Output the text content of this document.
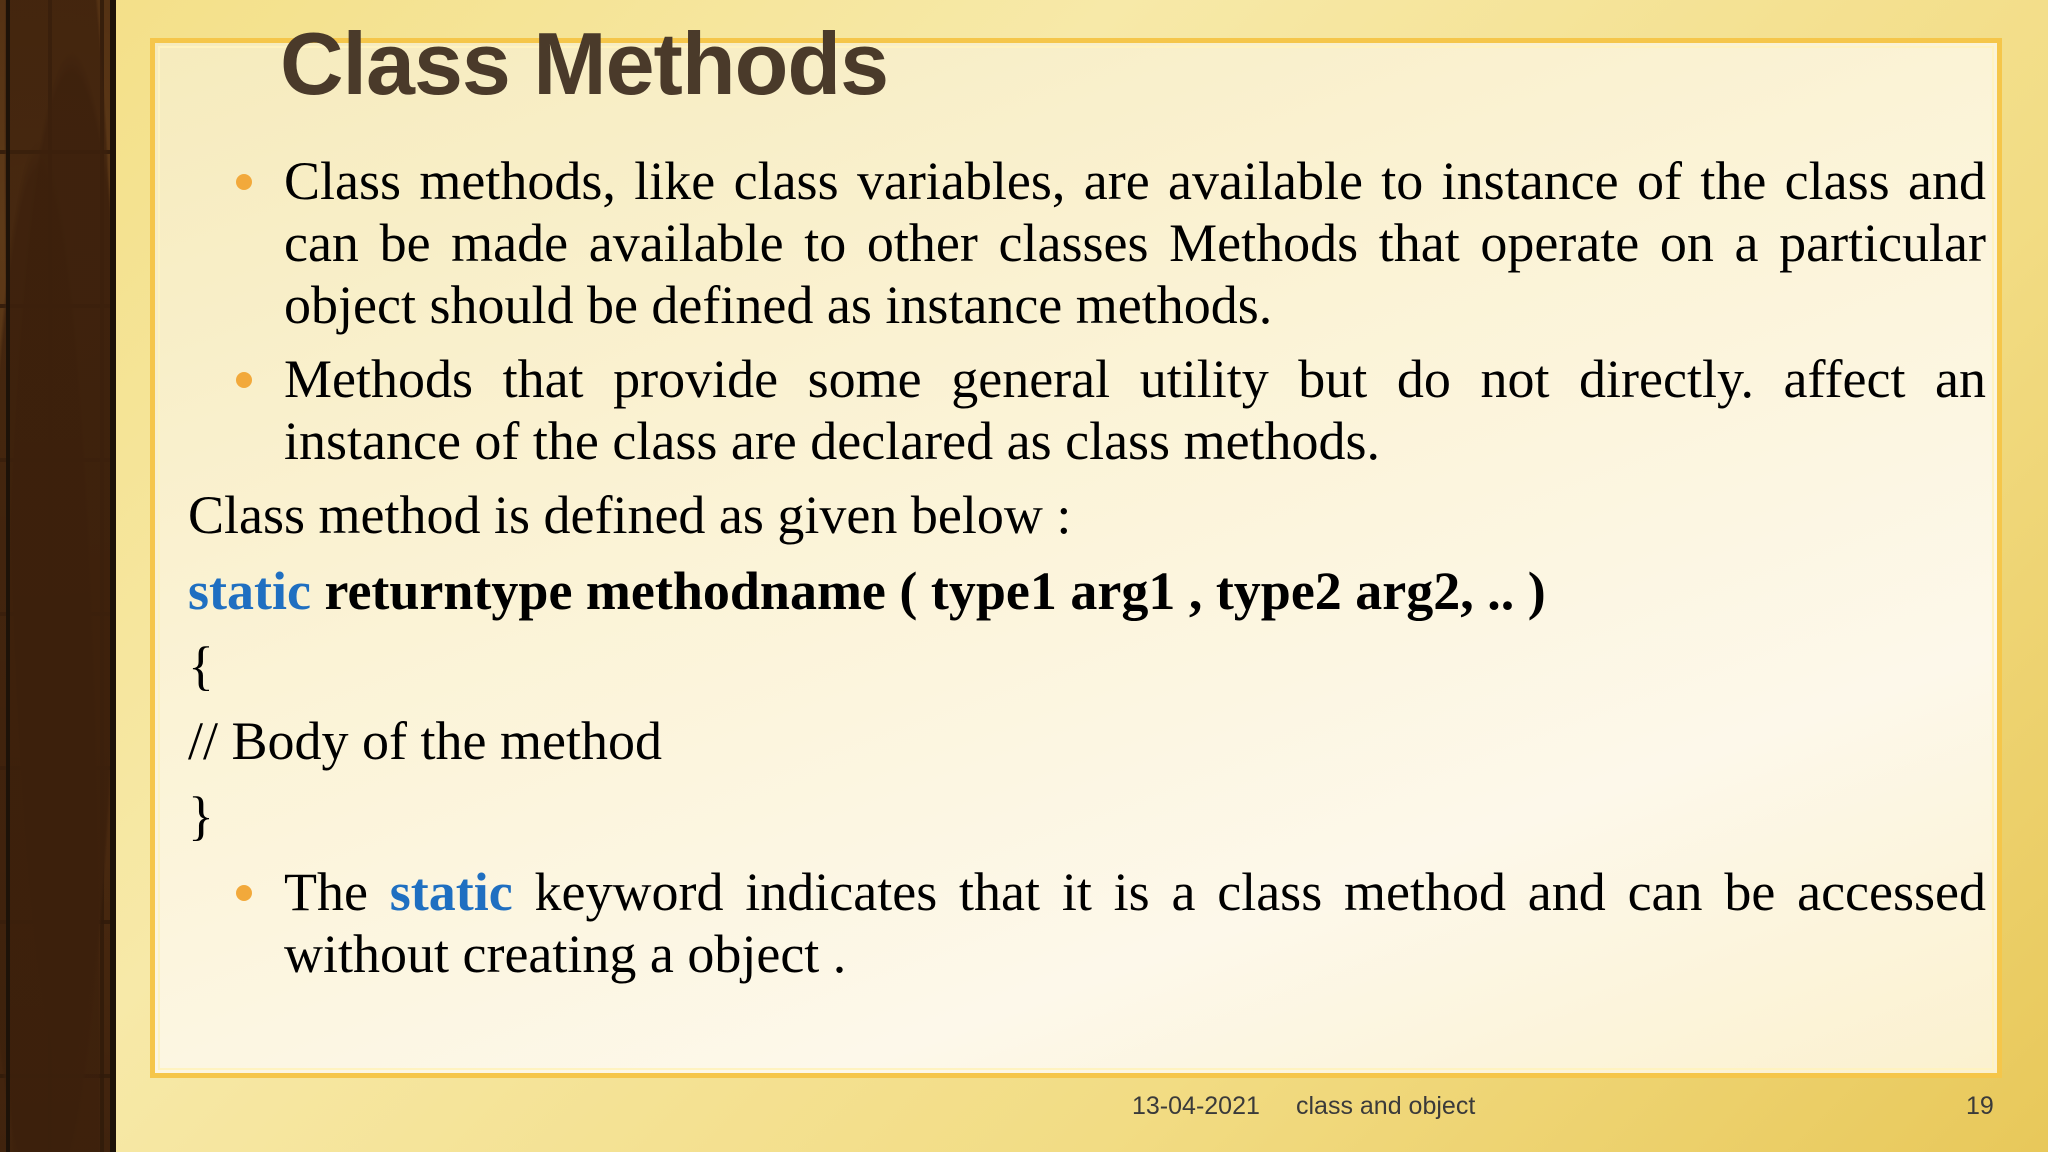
Class Methods
Class methods, like class variables, are available to instance of the class and can be made available to other classes Methods that operate on a particular object should be defined as instance methods.
Methods that provide some general utility but do not directly. affect an instance of the class are declared as class methods.
Class method is defined as given below :
static returntype methodname ( type1 arg1 , type2 arg2, .. )
{
// Body of the method
}
The static keyword indicates that it is a class method and can be accessed without creating a object .
13-04-2021 class and object	19
